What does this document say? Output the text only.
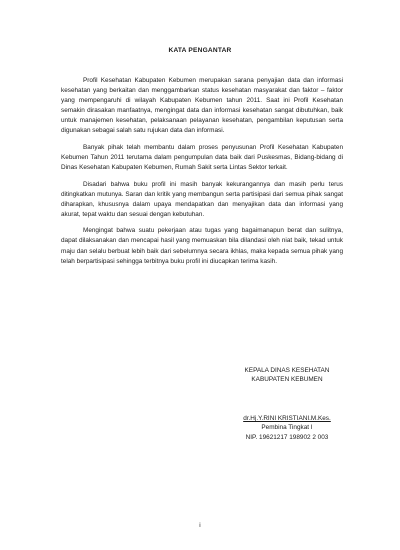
KATA PENGANTAR

Profil Kesehatan Kabupaten Kebumen merupakan sarana penyajian data dan informasi kesehatan yang berkaitan dan menggambarkan status kesehatan masyarakat dan faktor – faktor yang mempengaruhi di wilayah Kabupaten Kebumen tahun 2011. Saat ini Profil Kesehatan semakin dirasakan manfaatnya, mengingat data dan informasi kesehatan sangat dibutuhkan, baik untuk manajemen kesehatan, pelaksanaan pelayanan kesehatan, pengambilan keputusan serta digunakan sebagai salah satu rujukan data dan informasi.

Banyak pihak telah membantu dalam proses penyusunan Profil Kesehatan Kabupaten Kebumen Tahun 2011 terutama dalam pengumpulan data baik dari Puskesmas, Bidang-bidang di Dinas Kesehatan Kabupaten Kebumen, Rumah Sakit serta Lintas Sektor terkait.

Disadari bahwa buku profil ini masih banyak kekurangannya dan masih perlu terus ditingkatkan mutunya. Saran dan kritik yang membangun serta partisipasi dari semua pihak sangat diharapkan, khususnya dalam upaya mendapatkan dan menyajikan data dan informasi yang akurat, tepat waktu dan sesuai dengan kebutuhan.

Mengingat bahwa suatu pekerjaan atau tugas yang bagaimanapun berat dan sulitnya, dapat dilaksanakan dan mencapai hasil yang memuaskan bila dilandasi oleh niat baik, tekad untuk maju dan selalu berbuat lebih baik dari sebelumnya secara ikhlas, maka kepada semua pihak yang telah berpartisipasi sehingga terbitnya buku profil ini diucapkan terima kasih.

KEPALA DINAS KESEHATAN
KABUPATEN KEBUMEN
dr.Hj.Y.RINI KRISTIANI.M.Kes.
Pembina Tingkat I
NIP. 19621217 198902 2 003
i
